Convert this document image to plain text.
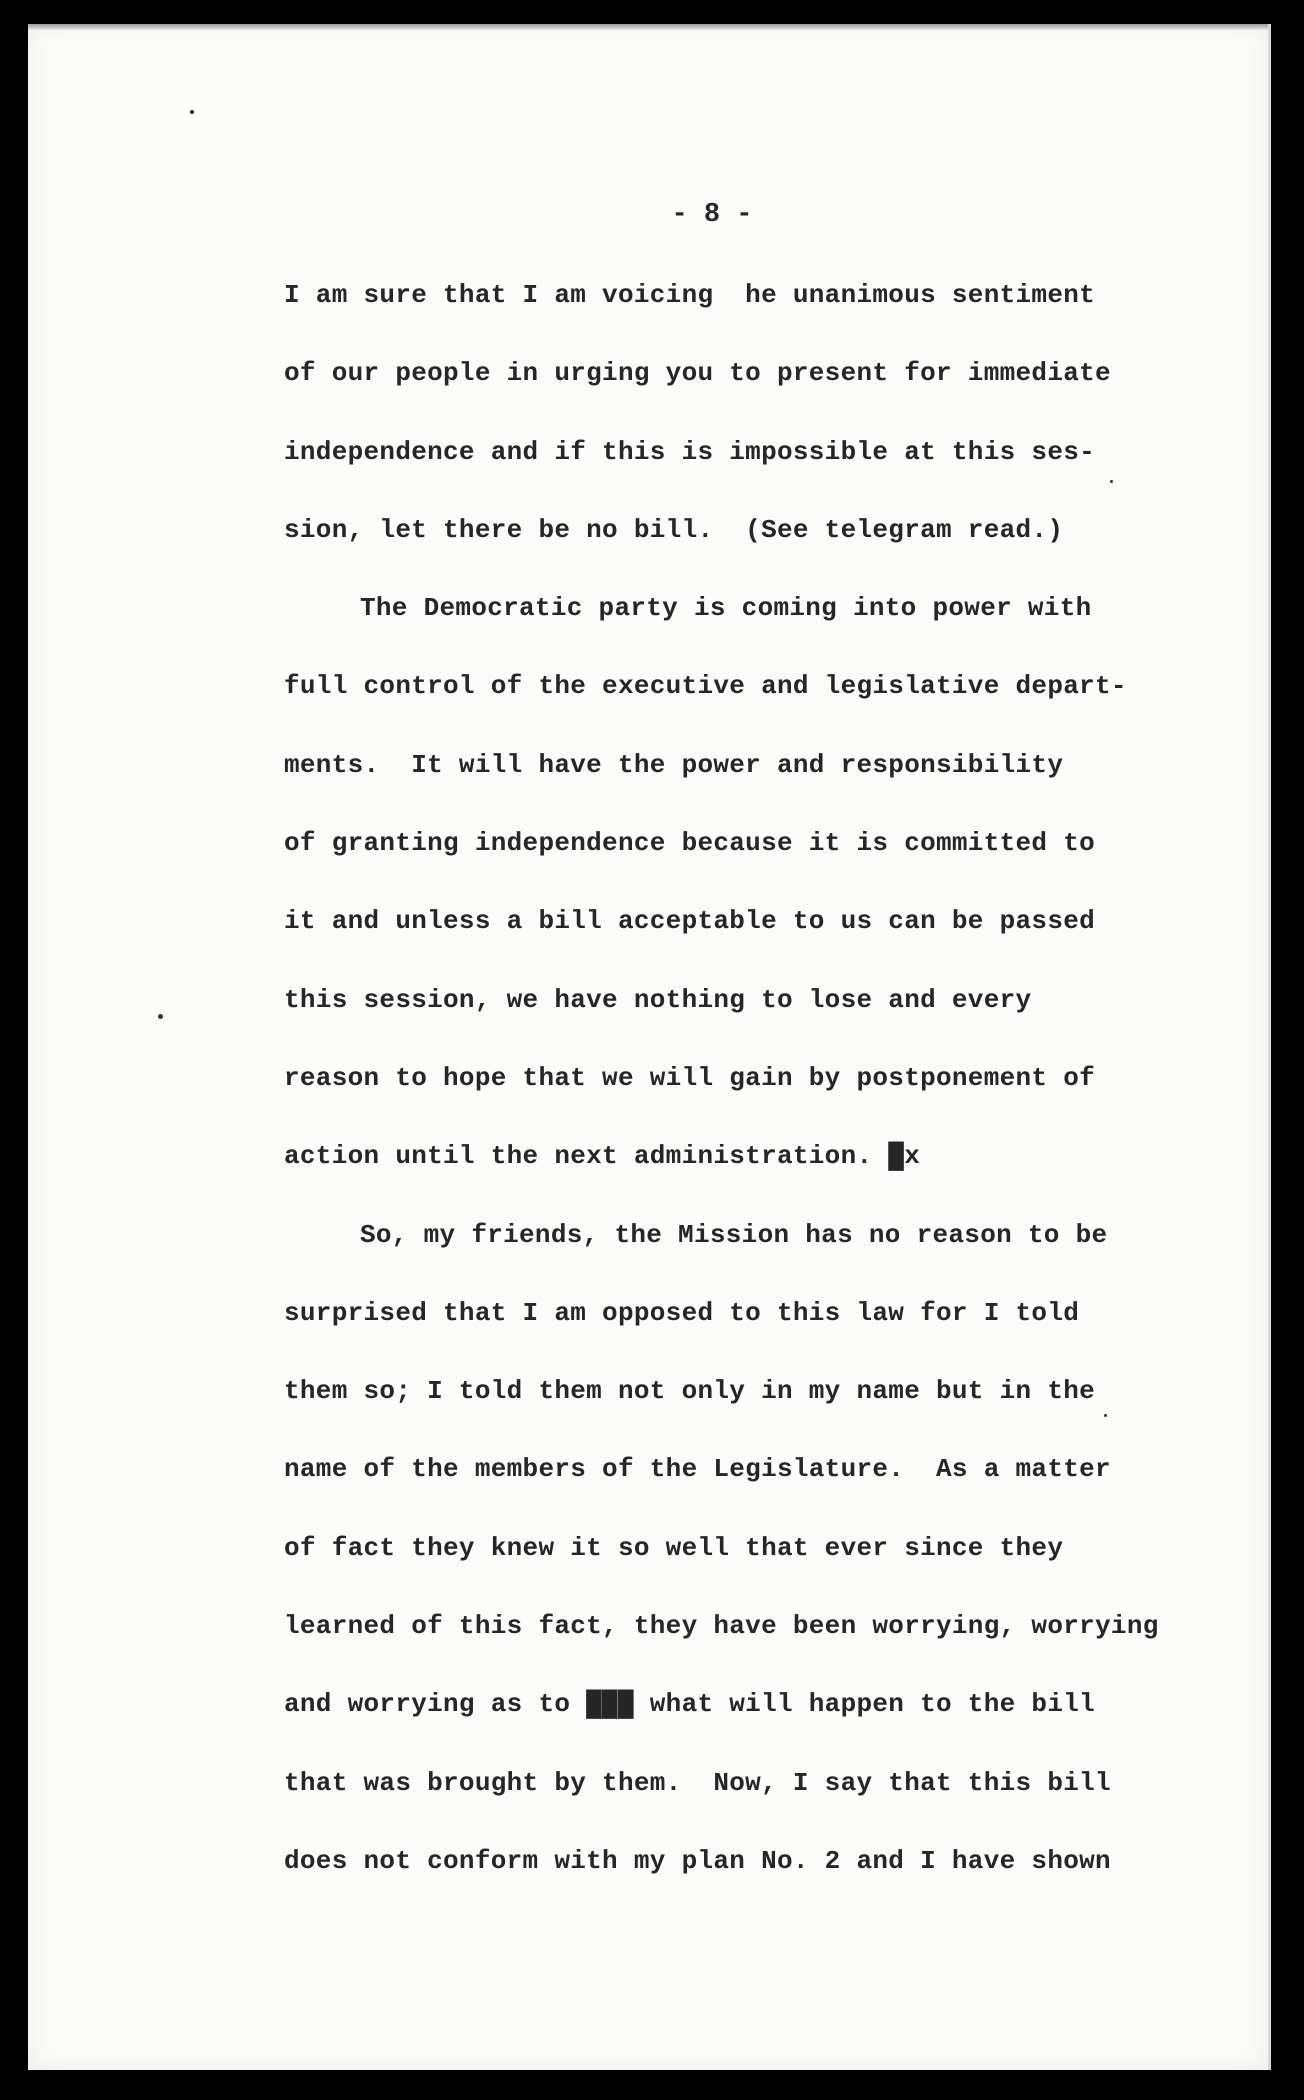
- 8 -
I am sure that I am voicing  he unanimous sentiment
of our people in urging you to present for immediate
independence and if this is impossible at this ses-
sion, let there be no bill.  (See telegram read.)
The Democratic party is coming into power with
full control of the executive and legislative depart-
ments.  It will have the power and responsibility
of granting independence because it is committed to
it and unless a bill acceptable to us can be passed
this session, we have nothing to lose and every
reason to hope that we will gain by postponement of
action until the next administration. █x
So, my friends, the Mission has no reason to be
surprised that I am opposed to this law for I told
them so; I told them not only in my name but in the
name of the members of the Legislature.  As a matter
of fact they knew it so well that ever since they
learned of this fact, they have been worrying, worrying
and worrying as to ███ what will happen to the bill
that was brought by them.  Now, I say that this bill
does not conform with my plan No. 2 and I have shown
